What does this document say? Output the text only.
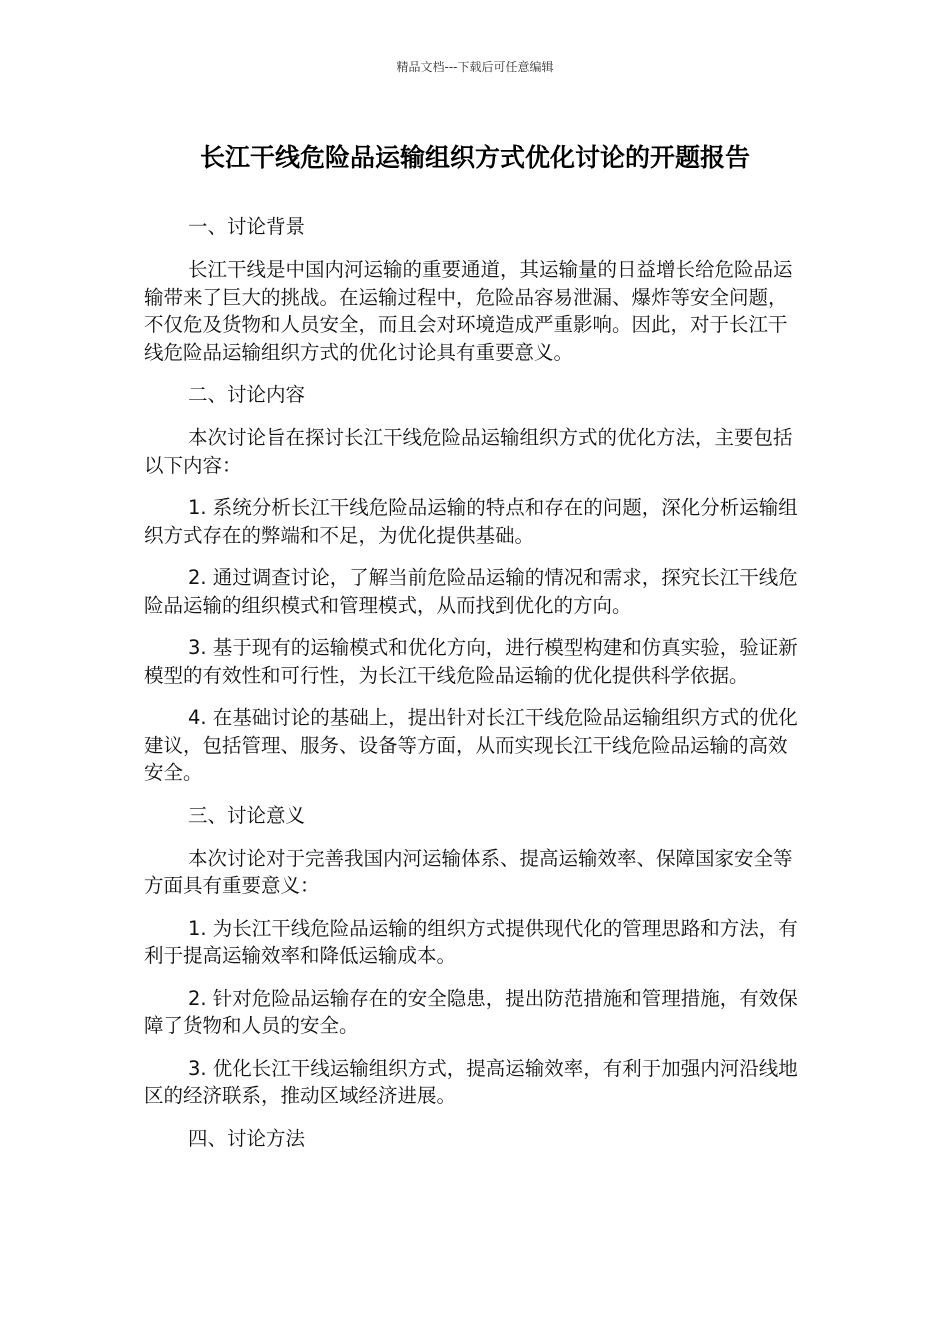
精品文档---下载后可任意编辑
长江干线危险品运输组织方式优化讨论的开题报告

一、讨论背景

长江干线是中国内河运输的重要通道，其运输量的日益增长给危险品运输带来了巨大的挑战。在运输过程中，危险品容易泄漏、爆炸等安全问题，不仅危及货物和人员安全，而且会对环境造成严重影响。因此，对于长江干线危险品运输组织方式的优化讨论具有重要意义。

二、讨论内容

本次讨论旨在探讨长江干线危险品运输组织方式的优化方法，主要包括以下内容：

1. 系统分析长江干线危险品运输的特点和存在的问题，深化分析运输组织方式存在的弊端和不足，为优化提供基础。

2. 通过调查讨论，了解当前危险品运输的情况和需求，探究长江干线危险品运输的组织模式和管理模式，从而找到优化的方向。

3. 基于现有的运输模式和优化方向，进行模型构建和仿真实验，验证新模型的有效性和可行性，为长江干线危险品运输的优化提供科学依据。

4. 在基础讨论的基础上，提出针对长江干线危险品运输组织方式的优化建议，包括管理、服务、设备等方面，从而实现长江干线危险品运输的高效安全。

三、讨论意义

本次讨论对于完善我国内河运输体系、提高运输效率、保障国家安全等方面具有重要意义：

1. 为长江干线危险品运输的组织方式提供现代化的管理思路和方法，有利于提高运输效率和降低运输成本。

2. 针对危险品运输存在的安全隐患，提出防范措施和管理措施，有效保障了货物和人员的安全。

3. 优化长江干线运输组织方式，提高运输效率，有利于加强内河沿线地区的经济联系，推动区域经济进展。

四、讨论方法
